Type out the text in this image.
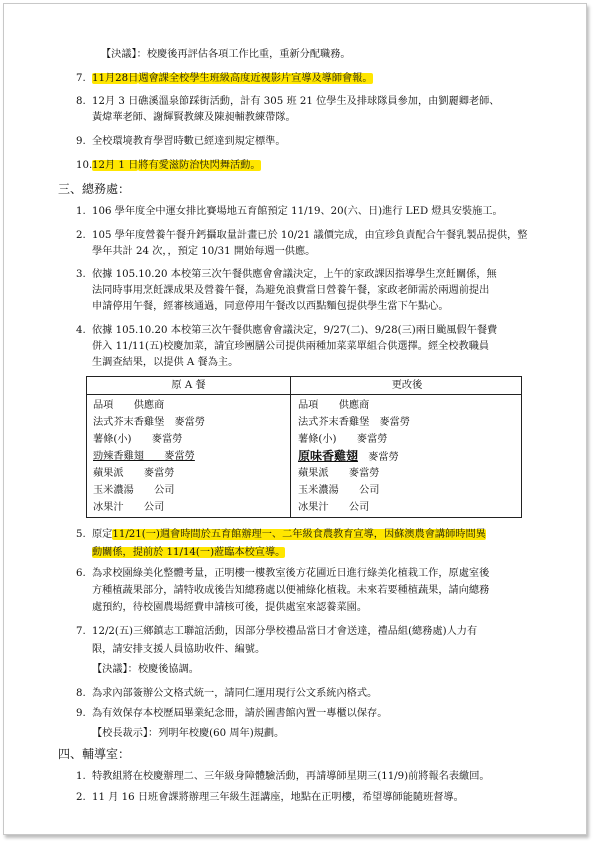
【決議】：校慶後再評估各項工作比重，重新分配職務。
7. 11月28日週會課全校學生班級高度近視影片宣導及導師會報。
8. 12月 3 日礁溪溫泉節踩街活動，計有 305 班 21 位學生及排球隊員參加，由劉麗卿老師、
黃煒華老師、謝輝賢教練及陳昶輔教練帶隊。
9. 全校環境教育學習時數已經達到規定標準。
10. 12月 1 日將有愛滋防治快閃舞活動。
三、總務處：
1. 106 學年度全中運女排比賽場地五育館預定 11/19、20(六、日)進行 LED 燈具安裝施工。
2. 105 學年度營養午餐升鈣攝取量計畫已於 10/21 議價完成，由宜珍負責配合午餐乳製品提供，整
學年共計 24 次，，預定 10/31 開始每週一供應。
3. 依據 105.10.20 本校第三次午餐供應會會議決定，上午的家政課因指導學生烹飪關係，無
法同時事用烹飪課成果及營養午餐，為避免浪費當日營養午餐，家政老師需於兩週前提出
申請停用午餐，經審核通過，同意停用午餐改以西點麵包提供學生當下午點心。
4. 依據 105.10.20 本校第三次午餐供應會會議決定，9/27(二)、9/28(三)兩日颱風假午餐費
併入 11/11(五)校慶加菜，請宜珍團膳公司提供兩種加菜菜單組合供選擇。經全校教職員
生調查結果，以提供 A 餐為主。
原 A 餐	更改後
品項　　供應商
法式芥末香雞堡　麥當勞
薯條(小)　　麥當勞
勁辣香雞翅　　麥當勞
蘋果派　　麥當勞
玉米濃湯　　公司
冰果汁　　公司
品項　　供應商
法式芥末香雞堡　麥當勞
薯條(小)　　麥當勞
原味香雞翅　 麥當勞
蘋果派　　麥當勞
玉米濃湯　　公司
冰果汁　　公司
5. 原定11/21(一)週會時間於五育館辦理一、二年級食農教育宣導，因蘇澳農會講師時間異
動關係，提前於 11/14(一)蒞臨本校宣導。
6. 為求校園綠美化整體考量，正明樓一樓教室後方花圃近日進行綠美化植栽工作，原處室後
方種植蔬果部分，請特收成後告知總務處以便補綠化植栽。未來若要種植蔬果，請向總務
處預約，待校園農場經費申請核可後，提供處室來認養菜園。
7. 12/2(五)三鄉鎮志工聯誼活動，因部分學校禮品當日才會送達，禮品組(總務處)人力有
限，請安排支援人員協助收件、編號。
【決議】：校慶後協調。
8. 為求內部簽辦公文格式統一，請同仁運用現行公文系統內格式。
9. 為有效保存本校歷屆畢業紀念冊，請於圖書館內置一專櫃以保存。
【校長裁示】：列明年校慶(60 周年)規劃。
四、輔導室：
1. 特教組將在校慶辦理二、三年級身障體驗活動，再請導師星期三(11/9)前將報名表繳回。
2. 11 月 16 日班會課將辦理三年級生涯講座，地點在正明樓，希望導師能隨班督導。
